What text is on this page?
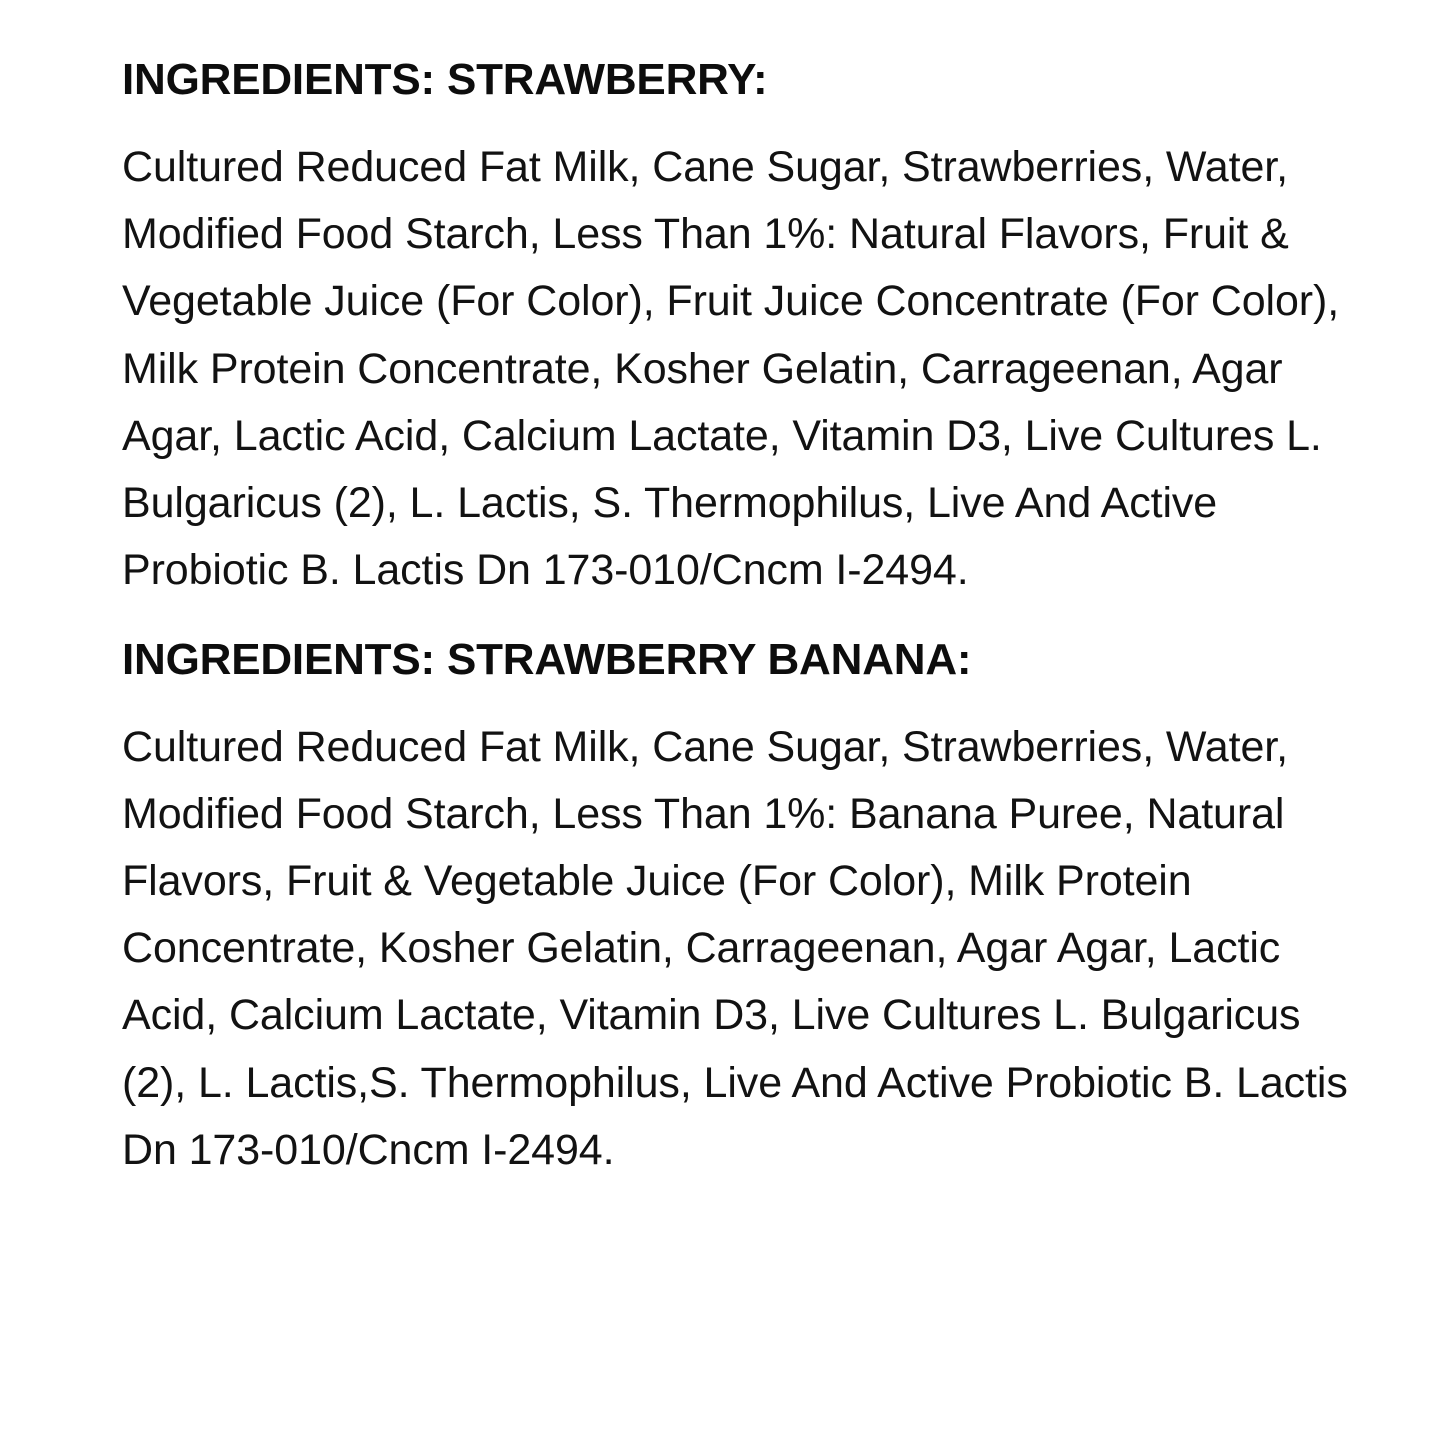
INGREDIENTS: STRAWBERRY:

Cultured Reduced Fat Milk, Cane Sugar, Strawberries, Water, Modified Food Starch, Less Than 1%: Natural Flavors, Fruit & Vegetable Juice (For Color), Fruit Juice Concentrate (For Color), Milk Protein Concentrate, Kosher Gelatin, Carrageenan, Agar Agar, Lactic Acid, Calcium Lactate, Vitamin D3, Live Cultures L. Bulgaricus (2), L. Lactis, S. Thermophilus, Live And Active Probiotic B. Lactis Dn 173-010/Cncm I-2494.

INGREDIENTS: STRAWBERRY BANANA:

Cultured Reduced Fat Milk, Cane Sugar, Strawberries, Water, Modified Food Starch, Less Than 1%: Banana Puree, Natural Flavors, Fruit & Vegetable Juice (For Color), Milk Protein Concentrate, Kosher Gelatin, Carrageenan, Agar Agar, Lactic Acid, Calcium Lactate, Vitamin D3, Live Cultures L. Bulgaricus (2), L. Lactis,S. Thermophilus, Live And Active Probiotic B. Lactis Dn 173-010/Cncm I-2494.
